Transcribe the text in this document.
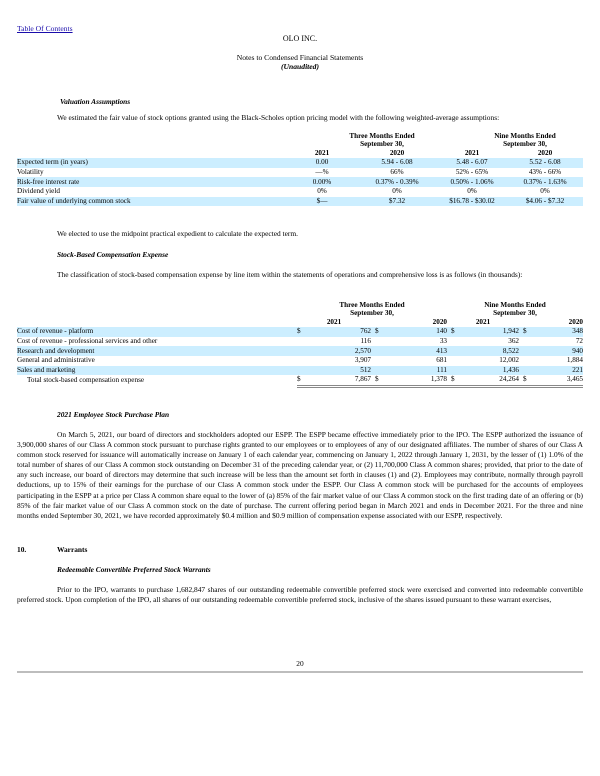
Table Of Contents
OLO INC.
Notes to Condensed Financial Statements
(Unaudited)
Valuation Assumptions
We estimated the fair value of stock options granted using the Black-Scholes option pricing model with the following weighted-average assumptions:

Three Months Ended
September 30,

Nine Months Ended
September 30,

	2021	2020	2021	2020
Expected term (in years)	0.00	5.94 - 6.08	5.48 - 6.07	5.52 - 6.08
Volatility	—%	66%	52% - 65%	43% - 66%
Risk-free interest rate	0.00%	0.37% - 0.39%	0.50% - 1.06%	0.37% - 1.63%
Dividend yield	0%	0%	0%	0%
Fair value of underlying common stock	$—	$7.32	$16.78 - $30.02	$4.06 - $7.32
We elected to use the midpoint practical expedient to calculate the expected term.
Stock-Based Compensation Expense
The classification of stock-based compensation expense by line item within the statements of operations and comprehensive loss is as follows (in thousands):

Three Months Ended
September 30,

Nine Months Ended
September 30,

	2021		2020		2021		2020	
Cost of revenue - platform	$	762	$	140	$	1,942	$	348
Cost of revenue - professional services and other		116		33		362		72
Research and development		2,570		413		8,522		940
General and administrative		3,907		681		12,002		1,884
Sales and marketing		512		111		1,436		221
Total stock-based compensation expense	$	7,867	$	1,378	$	24,264	$	3,465
2021 Employee Stock Purchase Plan
On March 5, 2021, our board of directors and stockholders adopted our ESPP. The ESPP became effective immediately prior to the IPO. The ESPP authorized the issuance of 3,900,000 shares of our Class A common stock pursuant to purchase rights granted to our employees or to employees of any of our designated affiliates. The number of shares of our Class A common stock reserved for issuance will automatically increase on January 1 of each calendar year, commencing on January 1, 2022 through January 1, 2031, by the lesser of (1) 1.0% of the total number of shares of our Class A common stock outstanding on December 31 of the preceding calendar year, or (2) 11,700,000 Class A common shares; provided, that prior to the date of any such increase, our board of directors may determine that such increase will be less than the amount set forth in clauses (1) and (2). Employees may contribute, normally through payroll deductions, up to 15% of their earnings for the purchase of our Class A common stock under the ESPP. Our Class A common stock will be purchased for the accounts of employees participating in the ESPP at a price per Class A common share equal to the lower of (a) 85% of the fair market value of our Class A common stock on the first trading date of an offering or (b) 85% of the fair market value of our Class A common stock on the date of purchase. The current offering period began in March 2021 and ends in December 2021. For the three and nine months ended September 30, 2021, we have recorded approximately $0.4 million and $0.9 million of compensation expense associated with our ESPP, respectively.
10.	Warrants
Redeemable Convertible Preferred Stock Warrants
Prior to the IPO, warrants to purchase 1,682,847 shares of our outstanding redeemable convertible preferred stock were exercised and converted into redeemable convertible preferred stock. Upon completion of the IPO, all shares of our outstanding redeemable convertible preferred stock, inclusive of the shares issued pursuant to these warrant exercises,
20
